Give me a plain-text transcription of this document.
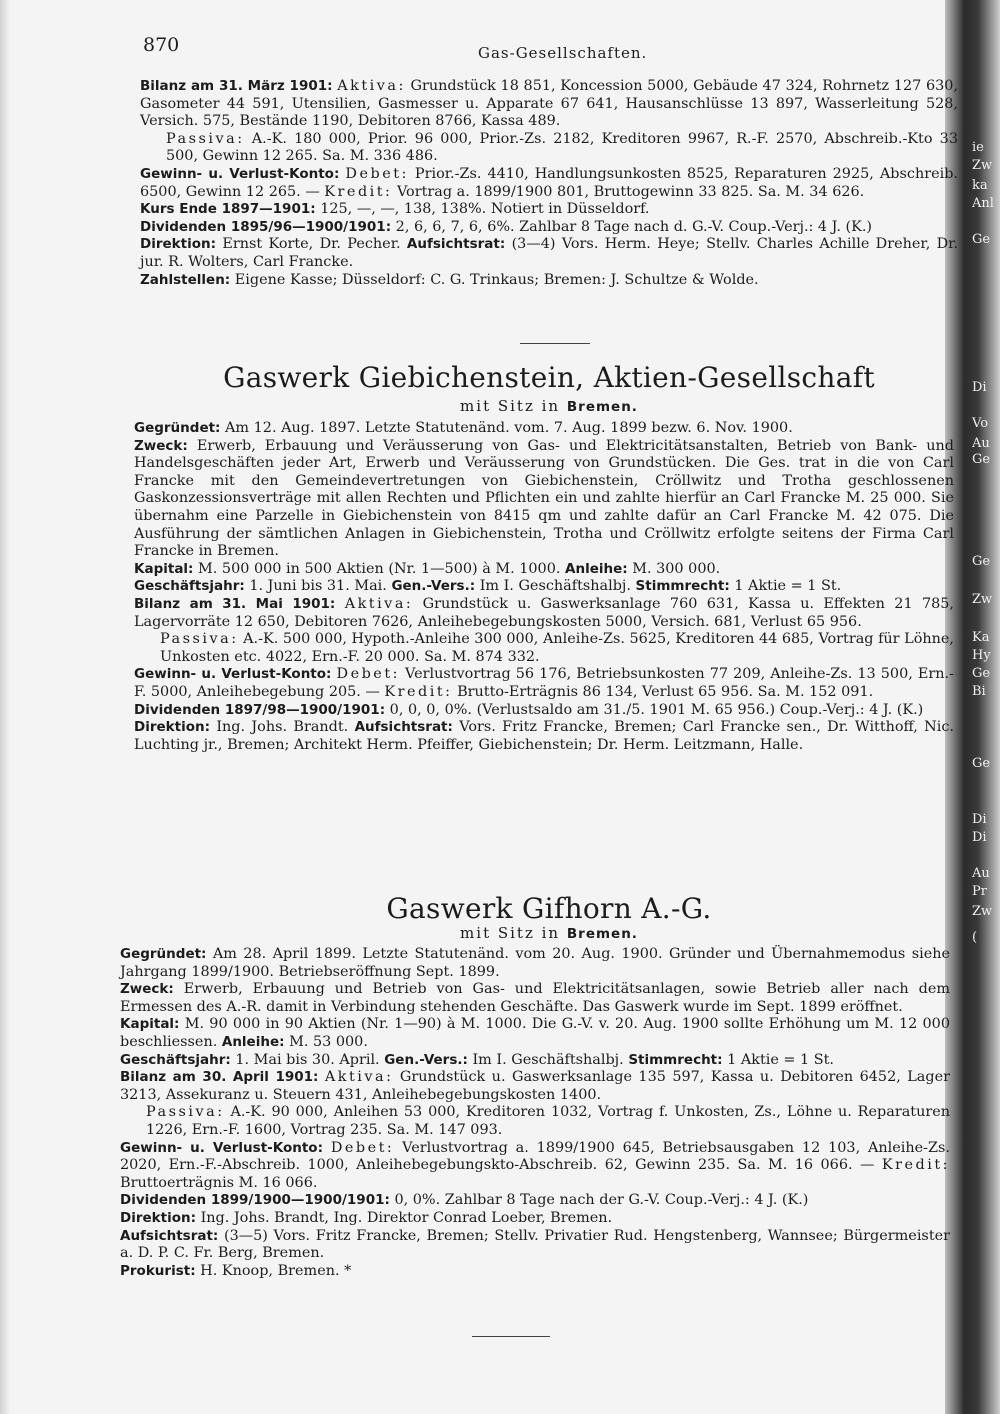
ie
Zw
ka
Anl
Ge
Di
Vo
Au
Ge
Ge
Zw
Ka
Hy
Ge
Bi
Ge
Di
Di
Au
Pr
Zw
(
870	Gas-Gesellschaften.

Bilanz am 31. März 1901: Aktiva: Grundstück 18 851, Koncession 5000, Gebäude 47 324, Rohrnetz 127 630, Gasometer 44 591, Utensilien, Gasmesser u. Apparate 67 641, Hausanschlüsse 13 897, Wasserleitung 528, Versich. 575, Bestände 1190, Debitoren 8766, Kassa 489.

Passiva: A.-K. 180 000, Prior. 96 000, Prior.-Zs. 2182, Kreditoren 9967, R.-F. 2570, Abschreib.-Kto 33 500, Gewinn 12 265. Sa. M. 336 486.

Gewinn- u. Verlust-Konto: Debet: Prior.-Zs. 4410, Handlungsunkosten 8525, Reparaturen 2925, Abschreib. 6500, Gewinn 12 265. — Kredit: Vortrag a. 1899/1900 801, Bruttogewinn 33 825. Sa. M. 34 626.

Kurs Ende 1897—1901: 125, —, —, 138, 138%. Notiert in Düsseldorf.

Dividenden 1895/96—1900/1901: 2, 6, 6, 7, 6, 6%. Zahlbar 8 Tage nach d. G.-V. Coup.-Verj.: 4 J. (K.)

Direktion: Ernst Korte, Dr. Pecher. Aufsichtsrat: (3—4) Vors. Herm. Heye; Stellv. Charles Achille Dreher, Dr. jur. R. Wolters, Carl Francke.

Zahlstellen: Eigene Kasse; Düsseldorf: C. G. Trinkaus; Bremen: J. Schultze & Wolde.

Gaswerk Giebichenstein, Aktien-Gesellschaft
mit Sitz in Bremen.

Gegründet: Am 12. Aug. 1897. Letzte Statutenänd. vom. 7. Aug. 1899 bezw. 6. Nov. 1900.

Zweck: Erwerb, Erbauung und Veräusserung von Gas- und Elektricitätsanstalten, Betrieb von Bank- und Handelsgeschäften jeder Art, Erwerb und Veräusserung von Grundstücken. Die Ges. trat in die von Carl Francke mit den Gemeindevertretungen von Giebichenstein, Cröllwitz und Trotha geschlossenen Gaskonzessionsverträge mit allen Rechten und Pflichten ein und zahlte hierfür an Carl Francke M. 25 000. Sie übernahm eine Parzelle in Giebichenstein von 8415 qm und zahlte dafür an Carl Francke M. 42 075. Die Ausführung der sämtlichen Anlagen in Giebichenstein, Trotha und Cröllwitz erfolgte seitens der Firma Carl Francke in Bremen.

Kapital: M. 500 000 in 500 Aktien (Nr. 1—500) à M. 1000. Anleihe: M. 300 000.

Geschäftsjahr: 1. Juni bis 31. Mai. Gen.-Vers.: Im I. Geschäftshalbj. Stimmrecht: 1 Aktie = 1 St.

Bilanz am 31. Mai 1901: Aktiva: Grundstück u. Gaswerksanlage 760 631, Kassa u. Effekten 21 785, Lagervorräte 12 650, Debitoren 7626, Anleihebegebungskosten 5000, Versich. 681, Verlust 65 956.

Passiva: A.-K. 500 000, Hypoth.-Anleihe 300 000, Anleihe-Zs. 5625, Kreditoren 44 685, Vortrag für Löhne, Unkosten etc. 4022, Ern.-F. 20 000. Sa. M. 874 332.

Gewinn- u. Verlust-Konto: Debet: Verlustvortrag 56 176, Betriebsunkosten 77 209, Anleihe-Zs. 13 500, Ern.-F. 5000, Anleihebegebung 205. — Kredit: Brutto-Erträgnis 86 134, Verlust 65 956. Sa. M. 152 091.

Dividenden 1897/98—1900/1901: 0, 0, 0, 0%. (Verlustsaldo am 31./5. 1901 M. 65 956.) Coup.-Verj.: 4 J. (K.)

Direktion: Ing. Johs. Brandt. Aufsichtsrat: Vors. Fritz Francke, Bremen; Carl Francke sen., Dr. Witthoff, Nic. Luchting jr., Bremen; Architekt Herm. Pfeiffer, Giebichenstein; Dr. Herm. Leitzmann, Halle.

Gaswerk Gifhorn A.-G.
mit Sitz in Bremen.

Gegründet: Am 28. April 1899. Letzte Statutenänd. vom 20. Aug. 1900. Gründer und Übernahmemodus siehe Jahrgang 1899/1900. Betriebseröffnung Sept. 1899.

Zweck: Erwerb, Erbauung und Betrieb von Gas- und Elektricitätsanlagen, sowie Betrieb aller nach dem Ermessen des A.-R. damit in Verbindung stehenden Geschäfte. Das Gaswerk wurde im Sept. 1899 eröffnet.

Kapital: M. 90 000 in 90 Aktien (Nr. 1—90) à M. 1000. Die G.-V. v. 20. Aug. 1900 sollte Erhöhung um M. 12 000 beschliessen. Anleihe: M. 53 000.

Geschäftsjahr: 1. Mai bis 30. April. Gen.-Vers.: Im I. Geschäftshalbj. Stimmrecht: 1 Aktie = 1 St.

Bilanz am 30. April 1901: Aktiva: Grundstück u. Gaswerksanlage 135 597, Kassa u. Debitoren 6452, Lager 3213, Assekuranz u. Steuern 431, Anleihebegebungskosten 1400.

Passiva: A.-K. 90 000, Anleihen 53 000, Kreditoren 1032, Vortrag f. Unkosten, Zs., Löhne u. Reparaturen 1226, Ern.-F. 1600, Vortrag 235. Sa. M. 147 093.

Gewinn- u. Verlust-Konto: Debet: Verlustvortrag a. 1899/1900 645, Betriebsausgaben 12 103, Anleihe-Zs. 2020, Ern.-F.-Abschreib. 1000, Anleihebegebungskto-Abschreib. 62, Gewinn 235. Sa. M. 16 066. — Kredit: Bruttoerträgnis M. 16 066.

Dividenden 1899/1900—1900/1901: 0, 0%. Zahlbar 8 Tage nach der G.-V. Coup.-Verj.: 4 J. (K.)

Direktion: Ing. Johs. Brandt, Ing. Direktor Conrad Loeber, Bremen.

Aufsichtsrat: (3—5) Vors. Fritz Francke, Bremen; Stellv. Privatier Rud. Hengstenberg, Wannsee; Bürgermeister a. D. P. C. Fr. Berg, Bremen.

Prokurist: H. Knoop, Bremen. *
